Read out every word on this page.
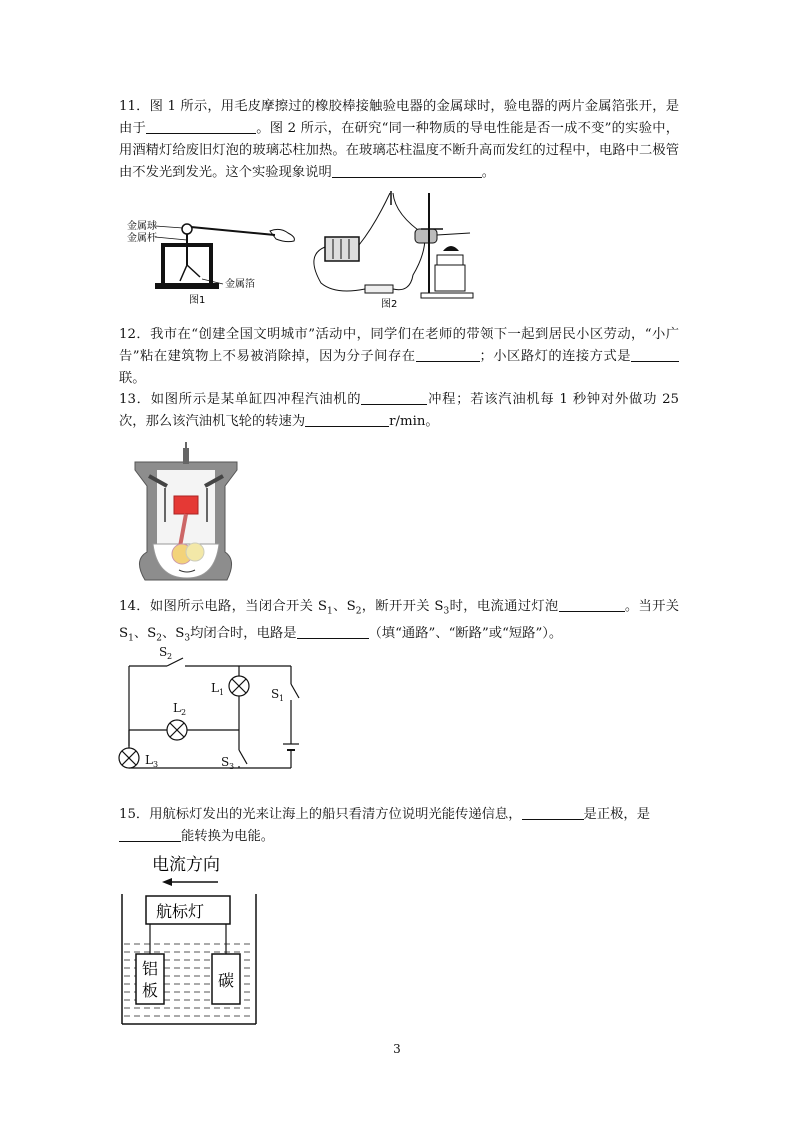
11．图 1 所示，用毛皮摩擦过的橡胶棒接触验电器的金属球时，验电器的两片金属箔张开，是由于	。图 2 所示，在研究“同一种物质的导电性能是否一成不变”的实验中，用酒精灯给废旧灯泡的玻璃芯柱加热。在玻璃芯柱温度不断升高而发红的过程中，电路中二极管由不发光到发光。这个实验现象说明	。

金属球
金属杆
金属箔
图1	图2

12．我市在“创建全国文明城市”活动中，同学们在老师的带领下一起到居民小区劳动，“小广告”粘在建筑物上不易被消除掉，因为分子间存在	；小区路灯的连接方式是联。

13．如图所示是某单缸四冲程汽油机的	冲程；若该汽油机每 1 秒钟对外做功 25 次，那么该汽油机飞轮的转速为	r/min。

14．如图所示电路，当闭合开关 $S_1$、$S_2$，断开开关 $S_3$时，电流通过灯泡	。当开关 $S_1$、$S_2$、$S_3$均闭合时，电路是	（填“通路”、“断路”或“短路”）。

S 2
L 1	S 1
L 2
L 3	S 3

15．用航标灯发出的光来让海上的船只看清方位说明光能传递信息，	是正极，是
能转换为电能。

电流方向
航标灯
铝
板
碳
3
